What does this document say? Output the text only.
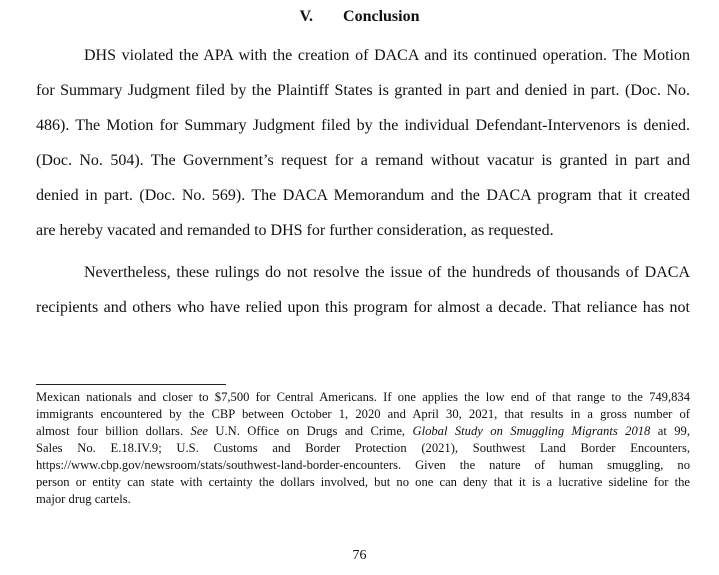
V. Conclusion
DHS violated the APA with the creation of DACA and its continued operation. The Motion
for Summary Judgment filed by the Plaintiff States is granted in part and denied in part. (Doc. No.
486). The Motion for Summary Judgment filed by the individual Defendant-Intervenors is denied.
(Doc. No. 504). The Government’s request for a remand without vacatur is granted in part and
denied in part. (Doc. No. 569). The DACA Memorandum and the DACA program that it created
are hereby vacated and remanded to DHS for further consideration, as requested.
Nevertheless, these rulings do not resolve the issue of the hundreds of thousands of DACA
recipients and others who have relied upon this program for almost a decade. That reliance has not
Mexican nationals and closer to $7,500 for Central Americans. If one applies the low end of that range to the 749,834
immigrants encountered by the CBP between October 1, 2020 and April 30, 2021, that results in a gross number of
almost four billion dollars. See U.N. Office on Drugs and Crime, Global Study on Smuggling Migrants 2018 at 99,
Sales No. E.18.IV.9; U.S. Customs and Border Protection (2021), Southwest Land Border Encounters,
https://www.cbp.gov/newsroom/stats/southwest-land-border-encounters. Given the nature of human smuggling, no
person or entity can state with certainty the dollars involved, but no one can deny that it is a lucrative sideline for the
major drug cartels.
76
